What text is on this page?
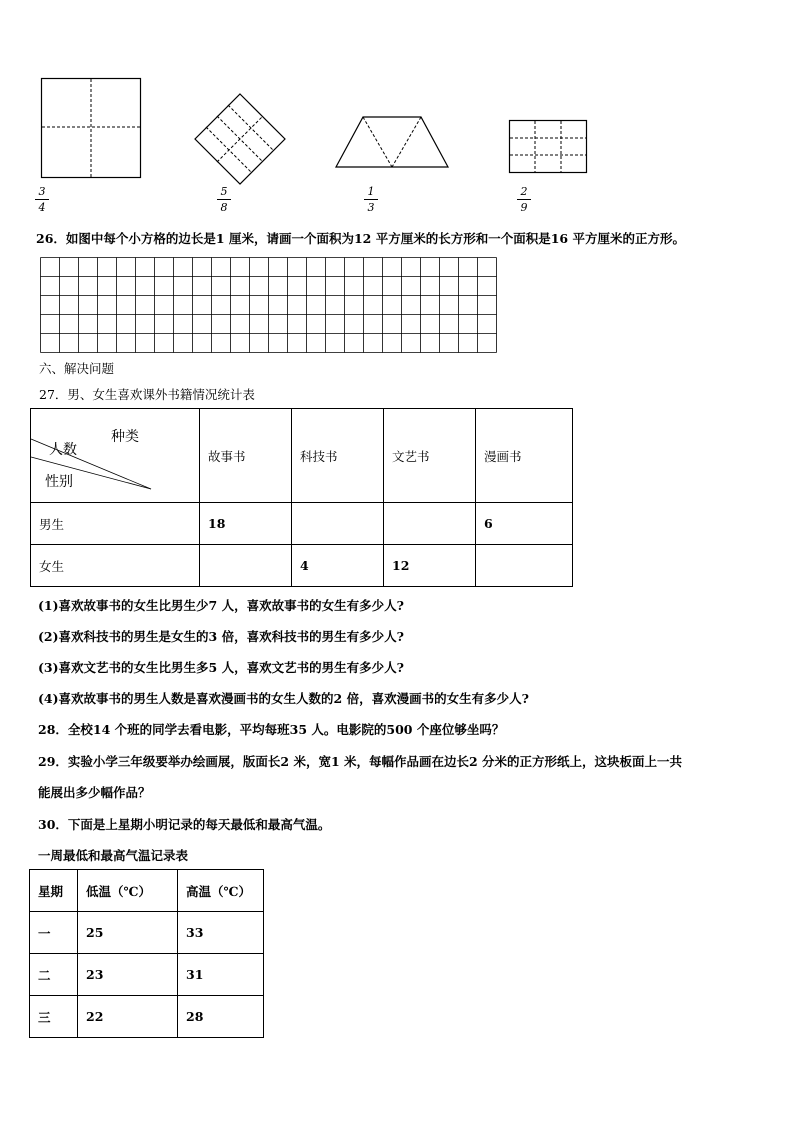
3
4
5
8
1
3
2
9
26．如图中每个小方格的边长是1 厘米，请画一个面积为12 平方厘米的长方形和一个面积是16 平方厘米的正方形。
六、解决问题
27．男、女生喜欢课外书籍情况统计表
种类
人数
性别	故事书	科技书	文艺书	漫画书
男生	18			6
女生		4	12	
(1)喜欢故事书的女生比男生少7 人，喜欢故事书的女生有多少人?
(2)喜欢科技书的男生是女生的3 倍，喜欢科技书的男生有多少人?
(3)喜欢文艺书的女生比男生多5 人，喜欢文艺书的男生有多少人?
(4)喜欢故事书的男生人数是喜欢漫画书的女生人数的2 倍，喜欢漫画书的女生有多少人?
28．全校14 个班的同学去看电影，平均每班35 人。电影院的500 个座位够坐吗？
29．实验小学三年级要举办绘画展，版面长2 米，宽1 米，每幅作品画在边长2 分米的正方形纸上，这块板面上一共
能展出多少幅作品？
30．下面是上星期小明记录的每天最低和最高气温。
一周最低和最高气温记录表
星期	低温（℃）	高温（℃）
一	25	33
二	23	31
三	22	28
